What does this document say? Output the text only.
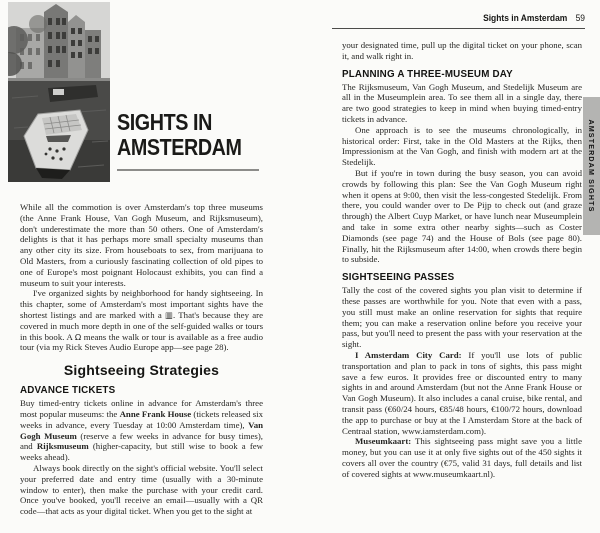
SIGHTS IN
AMSTERDAM

While all the commotion is over Amsterdam's top three museums (the Anne Frank House, Van Gogh Museum, and Rijksmuseum), don't underestimate the more than 50 others. One of Amsterdam's delights is that it has perhaps more small specialty museums than any other city its size. From houseboats to sex, from marijuana to Old Masters, from a curiously fascinating collection of old pipes to one of Europe's most poignant Holocaust exhibits, you can find a museum to suit your interests.

I've organized sights by neighborhood for handy sightseeing. In this chapter, some of Amsterdam's most important sights have the shortest listings and are marked with a ▥. That's because they are covered in much more depth in one of the self-guided walks or tours in this book. A Ω means the walk or tour is available as a free audio tour (via my Rick Steves Audio Europe app—see page 28).

Sightseeing Strategies
ADVANCE TICKETS

Buy timed-entry tickets online in advance for Amsterdam's three most popular museums: the Anne Frank House (tickets released six weeks in advance, every Tuesday at 10:00 Amsterdam time), Van Gogh Museum (reserve a few weeks in advance for busy times), and Rijksmuseum (higher-capacity, but still wise to book a few weeks ahead).

Always book directly on the sight's official website. You'll select your preferred date and entry time (usually with a 30-minute window to enter), then make the purchase with your credit card. Once you've booked, you'll receive an email—usually with a QR code—that acts as your digital ticket. When you get to the sight at

Sights in Amsterdam 59

your designated time, pull up the digital ticket on your phone, scan it, and walk right in.

PLANNING A THREE-MUSEUM DAY

The Rijksmuseum, Van Gogh Museum, and Stedelijk Museum are all in the Museumplein area. To see them all in a single day, there are two good strategies to keep in mind when buying timed-entry tickets in advance.

One approach is to see the museums chronologically, in historical order: First, take in the Old Masters at the Rijks, then Impressionism at the Van Gogh, and finish with modern art at the Stedelijk.

But if you're in town during the busy season, you can avoid crowds by following this plan: See the Van Gogh Museum right when it opens at 9:00, then visit the less-congested Stedelijk. From there, you could wander over to De Pijp to check out (and graze through) the Albert Cuyp Market, or have lunch near Museumplein and take in some extra other nearby sights—such as Coster Diamonds (see page 74) and the House of Bols (see page 80). Finally, hit the Rijksmuseum after 14:00, when crowds there begin to subside.

SIGHTSEEING PASSES

Tally the cost of the covered sights you plan visit to determine if these passes are worthwhile for you. Note that even with a pass, you still must make an online reservation for sights that require them; you can make a reservation online before you receive your pass, but you'll need to present the pass with your reservation at the sight.

I Amsterdam City Card: If you'll use lots of public transportation and plan to pack in tons of sights, this pass might save a few euros. It provides free or discounted entry to many sights in and around Amsterdam (but not the Anne Frank House or Van Gogh Museum). It also includes a canal cruise, bike rental, and transit pass (€60/24 hours, €85/48 hours, €100/72 hours, download the app to purchase or buy at the I Amsterdam Store at the back of Centraal station, www.iamsterdam.com).

Museumkaart: This sightseeing pass might save you a little money, but you can use it at only five sights out of the 450 sights it covers all over the country (€75, valid 31 days, full details and list of covered sights at www.museumkaart.nl).

AMSTERDAM SIGHTS
